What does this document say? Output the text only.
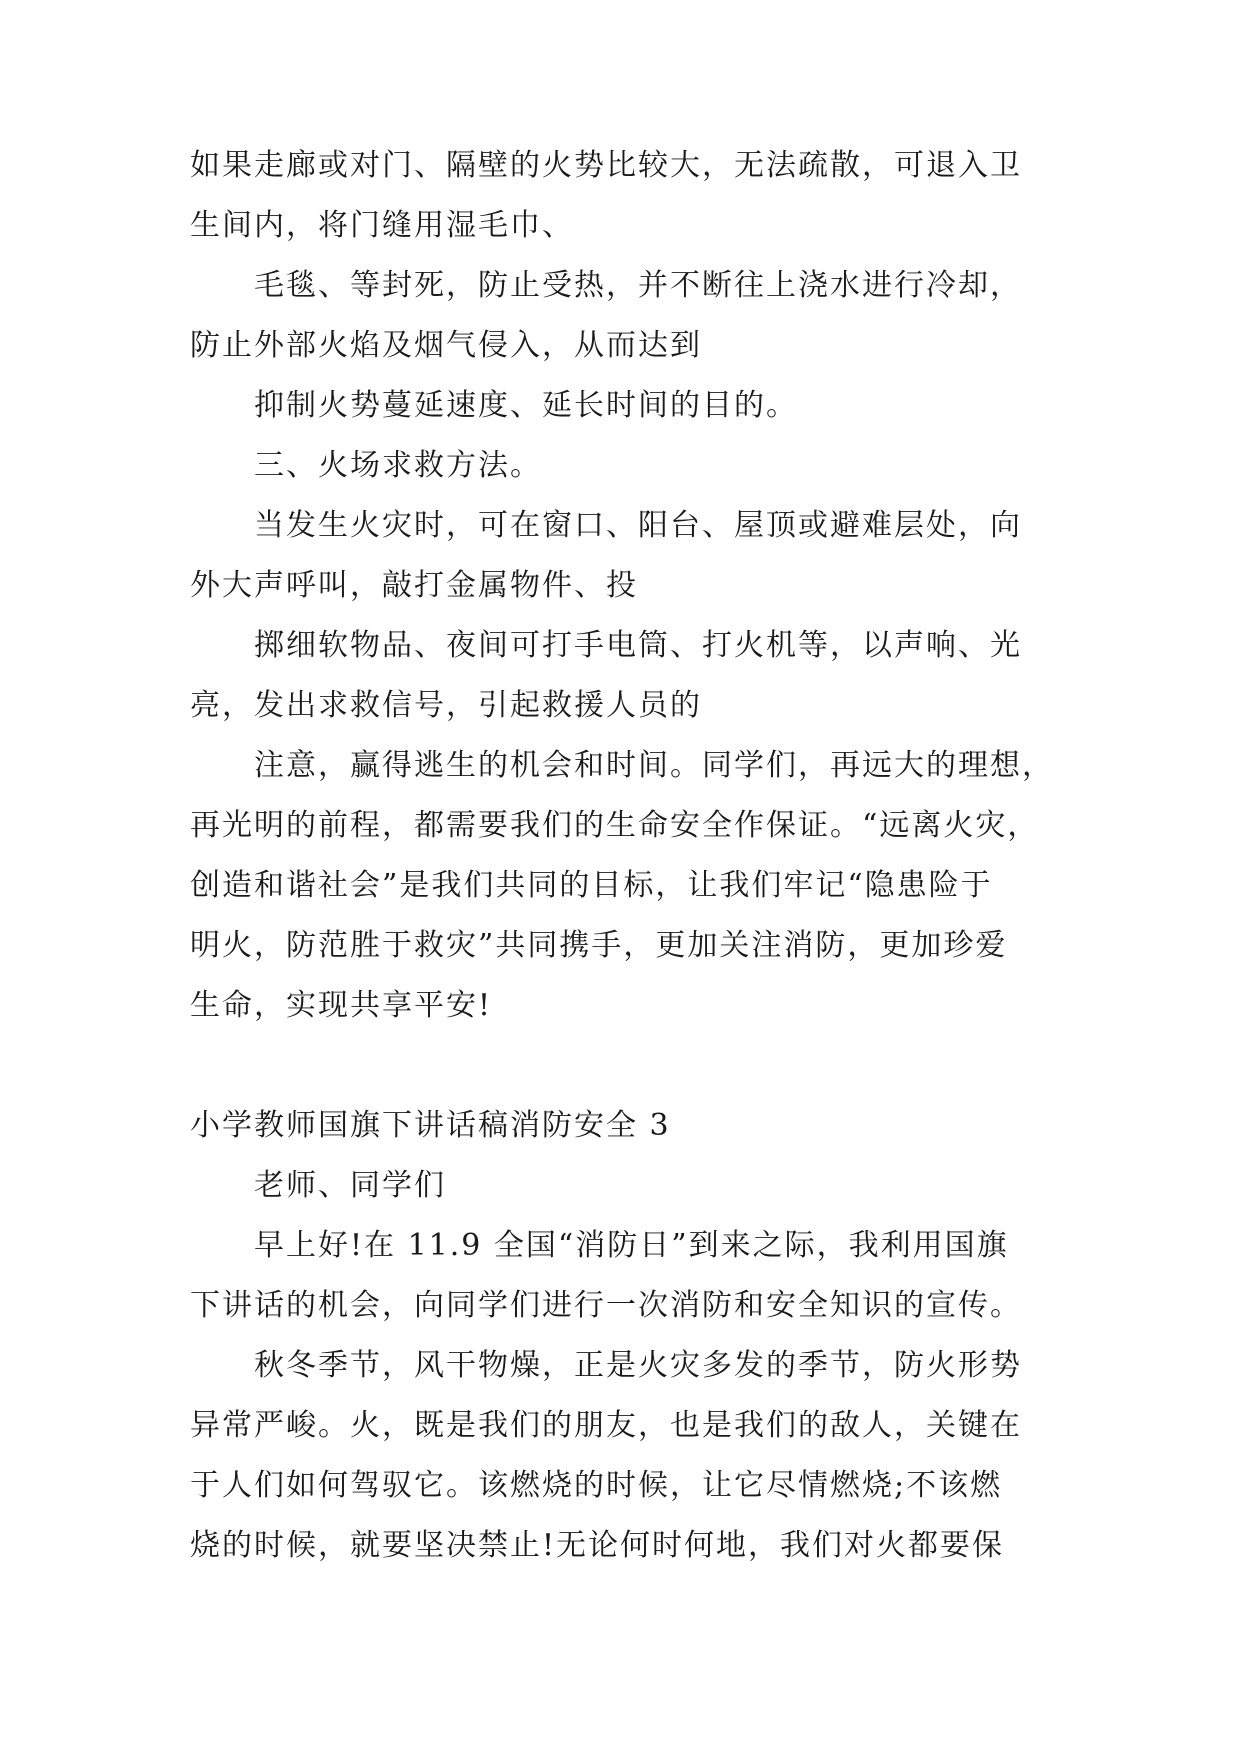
如果走廊或对门、隔壁的火势比较大，无法疏散，可退入卫
生间内，将门缝用湿毛巾、
毛毯、等封死，防止受热，并不断往上浇水进行冷却，
防止外部火焰及烟气侵入，从而达到
抑制火势蔓延速度、延长时间的目的。
三、火场求救方法。
当发生火灾时，可在窗口、阳台、屋顶或避难层处，向
外大声呼叫，敲打金属物件、投
掷细软物品、夜间可打手电筒、打火机等，以声响、光
亮，发出求救信号，引起救援人员的
注意，赢得逃生的机会和时间。同学们，再远大的理想，
再光明的前程，都需要我们的生命安全作保证。“远离火灾，
创造和谐社会”是我们共同的目标，让我们牢记“隐患险于
明火，防范胜于救灾”共同携手，更加关注消防，更加珍爱
生命，实现共享平安!
小学教师国旗下讲话稿消防安全 3
老师、同学们
早上好!在 11.9 全国“消防日”到来之际，我利用国旗
下讲话的机会，向同学们进行一次消防和安全知识的宣传。
秋冬季节，风干物燥，正是火灾多发的季节，防火形势
异常严峻。火，既是我们的朋友，也是我们的敌人，关键在
于人们如何驾驭它。该燃烧的时候，让它尽情燃烧;不该燃
烧的时候，就要坚决禁止!无论何时何地，我们对火都要保
